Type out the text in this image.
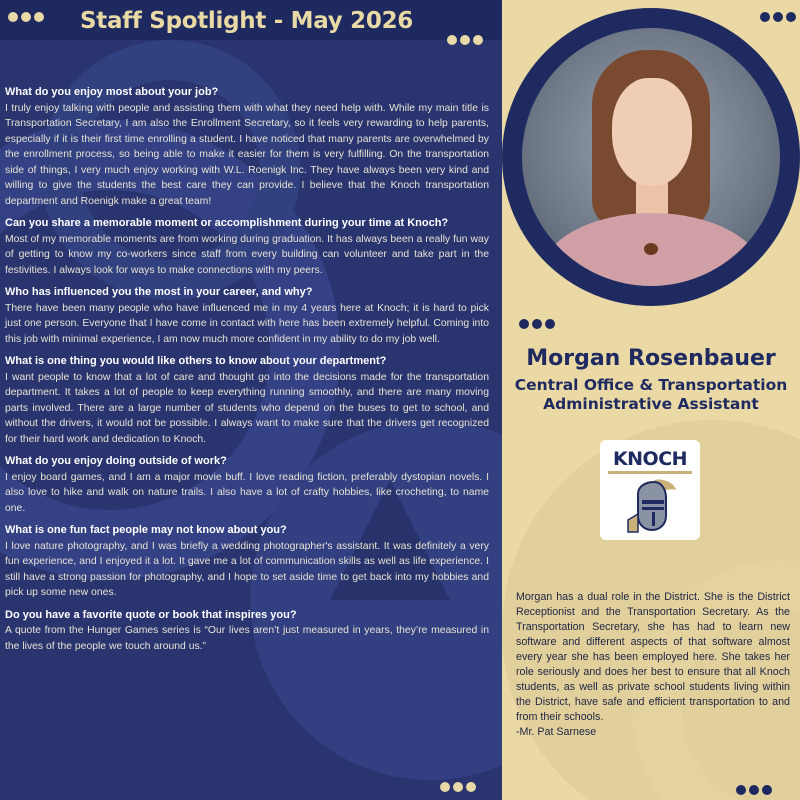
Staff Spotlight - May 2026
What do you enjoy most about your job?
I truly enjoy talking with people and assisting them with what they need help with. While my main title is Transportation Secretary, I am also the Enrollment Secretary, so it feels very rewarding to help parents, especially if it is their first time enrolling a student. I have noticed that many parents are overwhelmed by the enrollment process, so being able to make it easier for them is very fulfilling. On the transportation side of things, I very much enjoy working with W.L. Roenigk Inc. They have always been very kind and willing to give the students the best care they can provide. I believe that the Knoch transportation department and Roenigk make a great team!
Can you share a memorable moment or accomplishment during your time at Knoch?
Most of my memorable moments are from working during graduation. It has always been a really fun way of getting to know my co-workers since staff from every building can volunteer and take part in the festivities. I always look for ways to make connections with my peers.
Who has influenced you the most in your career, and why?
There have been many people who have influenced me in my 4 years here at Knoch; it is hard to pick just one person. Everyone that I have come in contact with here has been extremely helpful. Coming into this job with minimal experience, I am now much more confident in my ability to do my job well.
What is one thing you would like others to know about your department?
I want people to know that a lot of care and thought go into the decisions made for the transportation department. It takes a lot of people to keep everything running smoothly, and there are many moving parts involved. There are a large number of students who depend on the buses to get to school, and without the drivers, it would not be possible. I always want to make sure that the drivers get recognized for their hard work and dedication to Knoch.
What do you enjoy doing outside of work?
I enjoy board games, and I am a major movie buff. I love reading fiction, preferably dystopian novels. I also love to hike and walk on nature trails. I also have a lot of crafty hobbies, like crocheting, to name one.
What is one fun fact people may not know about you?
I love nature photography, and I was briefly a wedding photographer's assistant. It was definitely a very fun experience, and I enjoyed it a lot. It gave me a lot of communication skills as well as life experience. I still have a strong passion for photography, and I hope to set aside time to get back into my hobbies and pick up some new ones.
Do you have a favorite quote or book that inspires you?
A quote from the Hunger Games series is “Our lives aren’t just measured in years, they’re measured in the lives of the people we touch around us.”
Morgan Rosenbauer
Central Office & Transportation
Administrative Assistant
KNOCH
Morgan has a dual role in the District. She is the District Receptionist and the Transportation Secretary. As the Transportation Secretary, she has had to learn new software and different aspects of that software almost every year she has been employed here. She takes her role seriously and does her best to ensure that all Knoch students, as well as private school students living within the District, have safe and efficient transportation to and from their schools.
-Mr. Pat Sarnese
